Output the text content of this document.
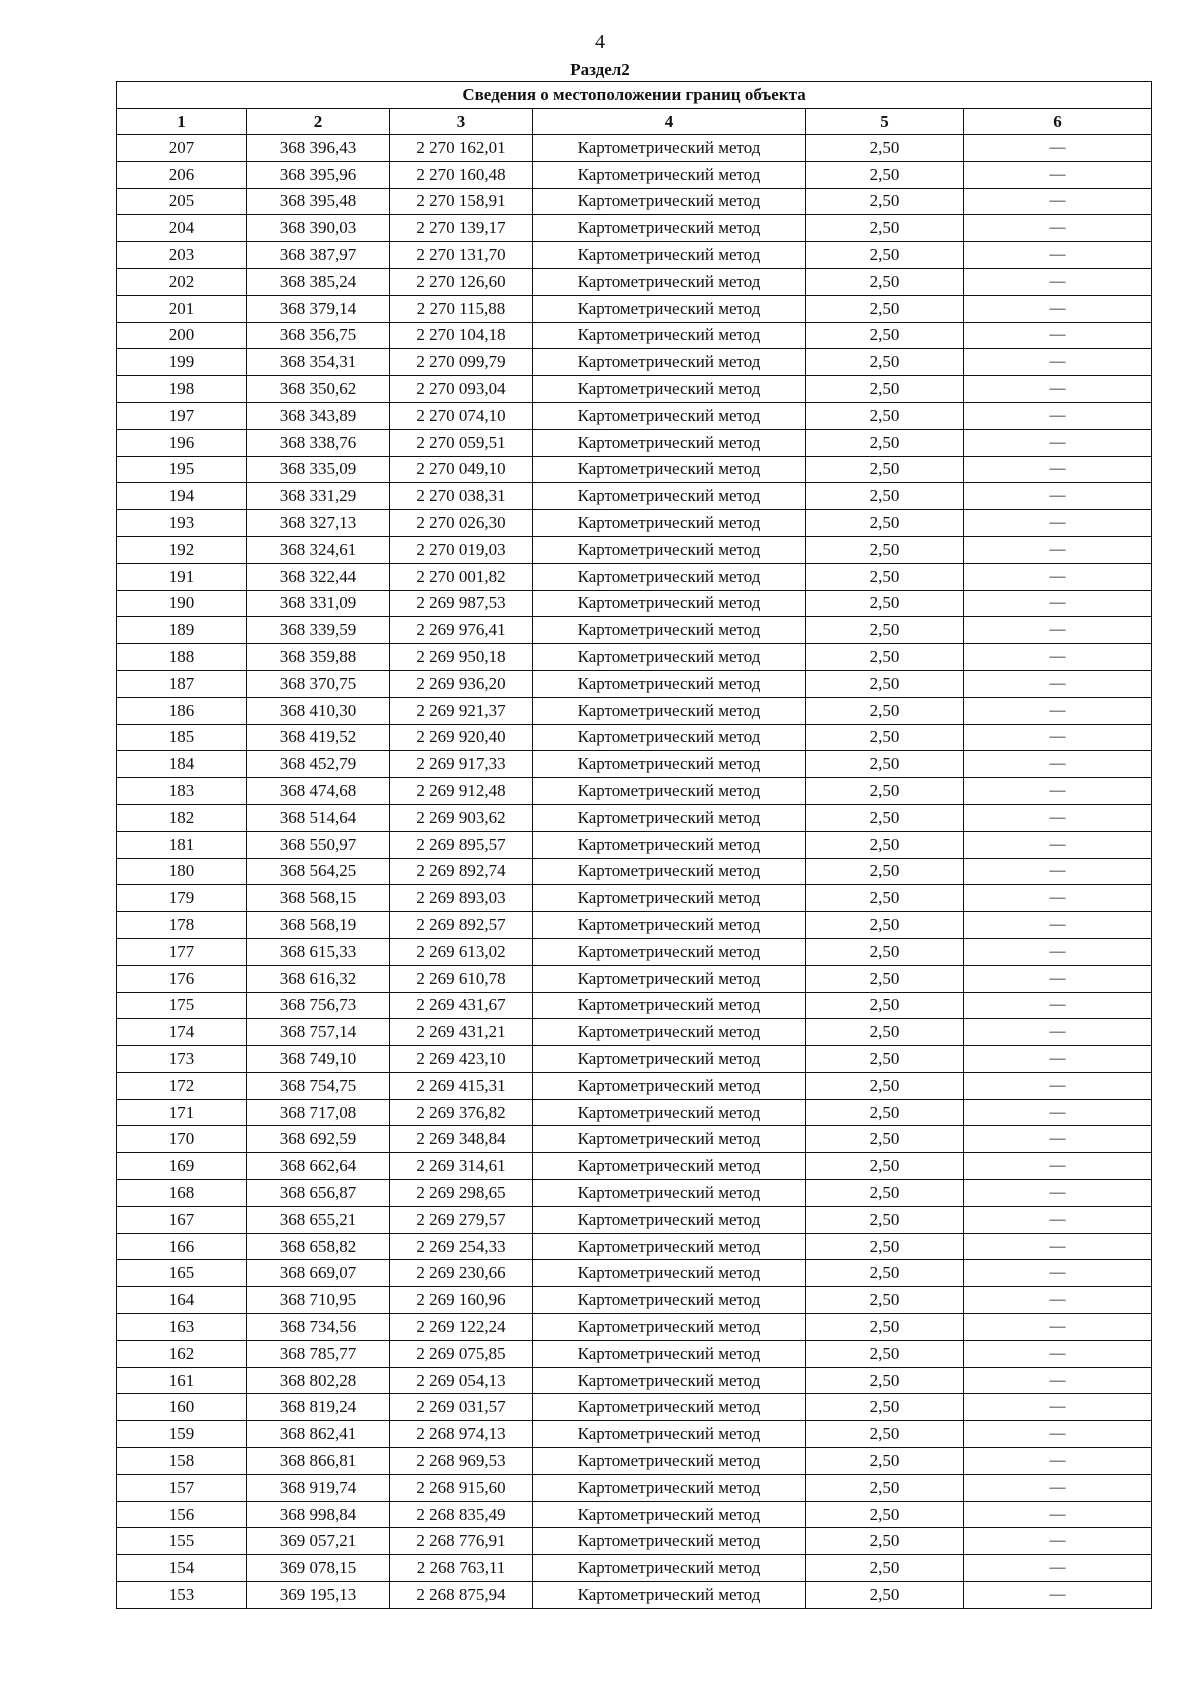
4
Раздел2
Сведения о местоположении границ объекта					
1	2	3	4	5	6
207	368 396,43	2 270 162,01	Картометрический метод	2,50	—
206	368 395,96	2 270 160,48	Картометрический метод	2,50	—
205	368 395,48	2 270 158,91	Картометрический метод	2,50	—
204	368 390,03	2 270 139,17	Картометрический метод	2,50	—
203	368 387,97	2 270 131,70	Картометрический метод	2,50	—
202	368 385,24	2 270 126,60	Картометрический метод	2,50	—
201	368 379,14	2 270 115,88	Картометрический метод	2,50	—
200	368 356,75	2 270 104,18	Картометрический метод	2,50	—
199	368 354,31	2 270 099,79	Картометрический метод	2,50	—
198	368 350,62	2 270 093,04	Картометрический метод	2,50	—
197	368 343,89	2 270 074,10	Картометрический метод	2,50	—
196	368 338,76	2 270 059,51	Картометрический метод	2,50	—
195	368 335,09	2 270 049,10	Картометрический метод	2,50	—
194	368 331,29	2 270 038,31	Картометрический метод	2,50	—
193	368 327,13	2 270 026,30	Картометрический метод	2,50	—
192	368 324,61	2 270 019,03	Картометрический метод	2,50	—
191	368 322,44	2 270 001,82	Картометрический метод	2,50	—
190	368 331,09	2 269 987,53	Картометрический метод	2,50	—
189	368 339,59	2 269 976,41	Картометрический метод	2,50	—
188	368 359,88	2 269 950,18	Картометрический метод	2,50	—
187	368 370,75	2 269 936,20	Картометрический метод	2,50	—
186	368 410,30	2 269 921,37	Картометрический метод	2,50	—
185	368 419,52	2 269 920,40	Картометрический метод	2,50	—
184	368 452,79	2 269 917,33	Картометрический метод	2,50	—
183	368 474,68	2 269 912,48	Картометрический метод	2,50	—
182	368 514,64	2 269 903,62	Картометрический метод	2,50	—
181	368 550,97	2 269 895,57	Картометрический метод	2,50	—
180	368 564,25	2 269 892,74	Картометрический метод	2,50	—
179	368 568,15	2 269 893,03	Картометрический метод	2,50	—
178	368 568,19	2 269 892,57	Картометрический метод	2,50	—
177	368 615,33	2 269 613,02	Картометрический метод	2,50	—
176	368 616,32	2 269 610,78	Картометрический метод	2,50	—
175	368 756,73	2 269 431,67	Картометрический метод	2,50	—
174	368 757,14	2 269 431,21	Картометрический метод	2,50	—
173	368 749,10	2 269 423,10	Картометрический метод	2,50	—
172	368 754,75	2 269 415,31	Картометрический метод	2,50	—
171	368 717,08	2 269 376,82	Картометрический метод	2,50	—
170	368 692,59	2 269 348,84	Картометрический метод	2,50	—
169	368 662,64	2 269 314,61	Картометрический метод	2,50	—
168	368 656,87	2 269 298,65	Картометрический метод	2,50	—
167	368 655,21	2 269 279,57	Картометрический метод	2,50	—
166	368 658,82	2 269 254,33	Картометрический метод	2,50	—
165	368 669,07	2 269 230,66	Картометрический метод	2,50	—
164	368 710,95	2 269 160,96	Картометрический метод	2,50	—
163	368 734,56	2 269 122,24	Картометрический метод	2,50	—
162	368 785,77	2 269 075,85	Картометрический метод	2,50	—
161	368 802,28	2 269 054,13	Картометрический метод	2,50	—
160	368 819,24	2 269 031,57	Картометрический метод	2,50	—
159	368 862,41	2 268 974,13	Картометрический метод	2,50	—
158	368 866,81	2 268 969,53	Картометрический метод	2,50	—
157	368 919,74	2 268 915,60	Картометрический метод	2,50	—
156	368 998,84	2 268 835,49	Картометрический метод	2,50	—
155	369 057,21	2 268 776,91	Картометрический метод	2,50	—
154	369 078,15	2 268 763,11	Картометрический метод	2,50	—
153	369 195,13	2 268 875,94	Картометрический метод	2,50	—
